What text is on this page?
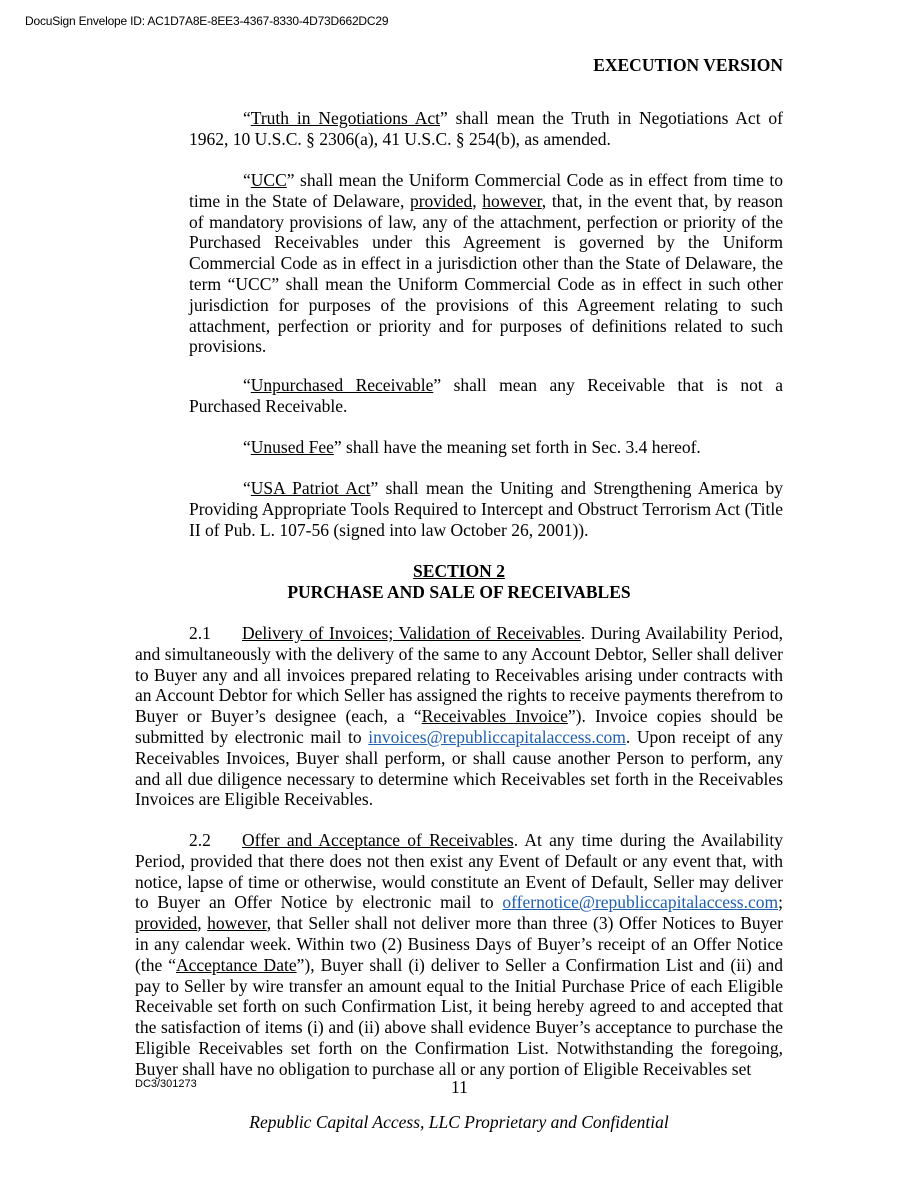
DocuSign Envelope ID: AC1D7A8E-8EE3-4367-8330-4D73D662DC29
EXECUTION VERSION

“Truth in Negotiations Act” shall mean the Truth in Negotiations Act of 1962, 10 U.S.C. § 2306(a), 41 U.S.C. § 254(b), as amended.

“UCC” shall mean the Uniform Commercial Code as in effect from time to time in the State of Delaware, provided, however, that, in the event that, by reason of mandatory provisions of law, any of the attachment, perfection or priority of the Purchased Receivables under this Agreement is governed by the Uniform Commercial Code as in effect in a jurisdiction other than the State of Delaware, the term “UCC” shall mean the Uniform Commercial Code as in effect in such other jurisdiction for purposes of the provisions of this Agreement relating to such attachment, perfection or priority and for purposes of definitions related to such provisions.

“Unpurchased Receivable” shall mean any Receivable that is not a Purchased Receivable.

“Unused Fee” shall have the meaning set forth in Sec. 3.4 hereof.

“USA Patriot Act” shall mean the Uniting and Strengthening America by Providing Appropriate Tools Required to Intercept and Obstruct Terrorism Act (Title II of Pub. L. 107-56 (signed into law October 26, 2001)).

SECTION 2
PURCHASE AND SALE OF RECEIVABLES

2.1 Delivery of Invoices; Validation of Receivables. During Availability Period, and simultaneously with the delivery of the same to any Account Debtor, Seller shall deliver to Buyer any and all invoices prepared relating to Receivables arising under contracts with an Account Debtor for which Seller has assigned the rights to receive payments therefrom to Buyer or Buyer’s designee (each, a “Receivables Invoice”). Invoice copies should be submitted by electronic mail to invoices@republiccapitalaccess.com. Upon receipt of any Receivables Invoices, Buyer shall perform, or shall cause another Person to perform, any and all due diligence necessary to determine which Receivables set forth in the Receivables Invoices are Eligible Receivables.

2.2 Offer and Acceptance of Receivables. At any time during the Availability Period, provided that there does not then exist any Event of Default or any event that, with notice, lapse of time or otherwise, would constitute an Event of Default, Seller may deliver to Buyer an Offer Notice by electronic mail to offernotice@republiccapitalaccess.com; provided, however, that Seller shall not deliver more than three (3) Offer Notices to Buyer in any calendar week. Within two (2) Business Days of Buyer’s receipt of an Offer Notice (the “Acceptance Date”), Buyer shall (i) deliver to Seller a Confirmation List and (ii) and pay to Seller by wire transfer an amount equal to the Initial Purchase Price of each Eligible Receivable set forth on such Confirmation List, it being hereby agreed to and accepted that the satisfaction of items (i) and (ii) above shall evidence Buyer’s acceptance to purchase the Eligible Receivables set forth on the Confirmation List. Notwithstanding the foregoing, Buyer shall have no obligation to purchase all or any portion of Eligible Receivables set

DC3/301273	11
Republic Capital Access, LLC Proprietary and Confidential
